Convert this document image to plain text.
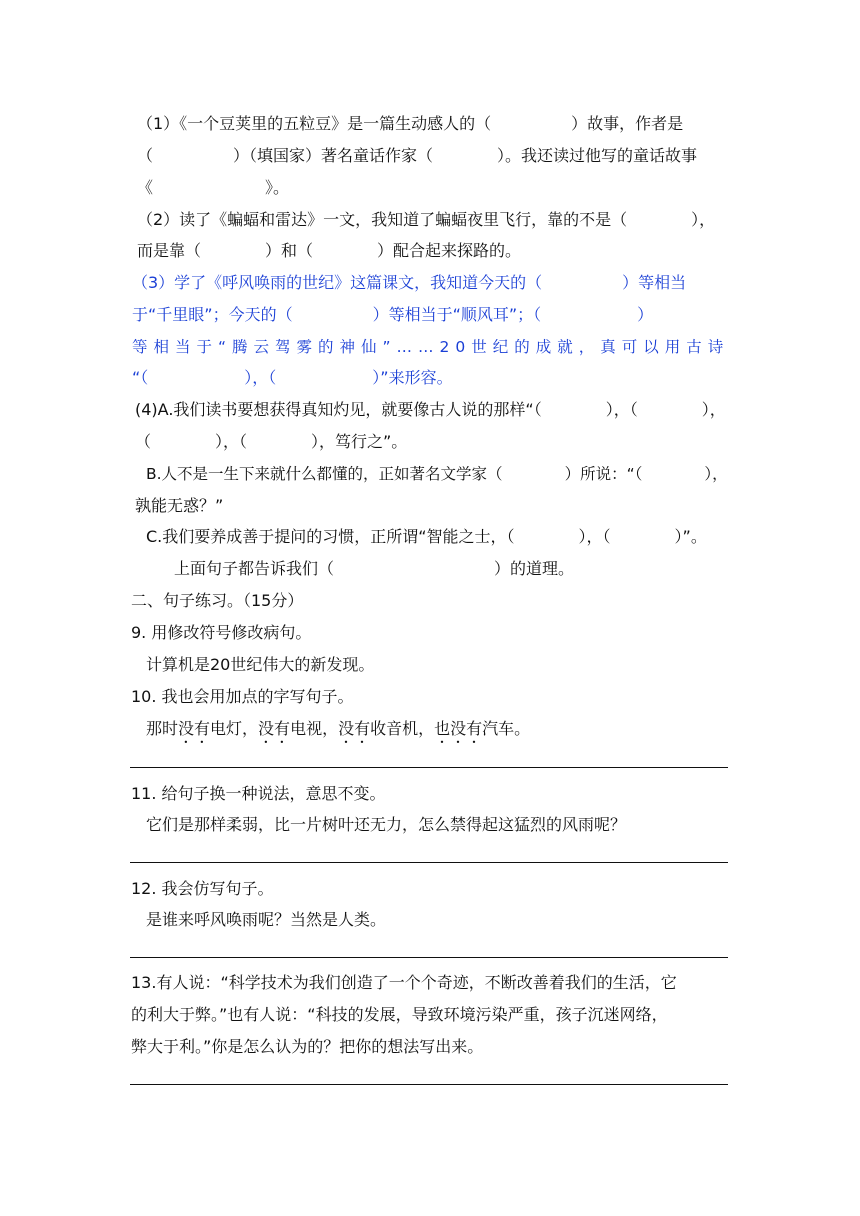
（1）《一个豆荚里的五粒豆》是一篇生动感人的（　　　　　）故事，作者是
（　　　　　）（填国家）著名童话作家（　　　　）。我还读过他写的童话故事
《　　　　　　　》。
（2）读了《蝙蝠和雷达》一文，我知道了蝙蝠夜里飞行，靠的不是（　　　　），
而是靠（　　　　）和（　　　　）配合起来探路的。
（3）学了《呼风唤雨的世纪》这篇课文，我知道今天的（　　　　　）等相当
于“千里眼”；今天的（　　　　　）等相当于“顺风耳”；（　　　　　　）
等相当于“腾云驾雾的神仙”……20世纪的成就，真可以用古诗
“（　　　　　　），（　　　　　　）”来形容。
(4)A.我们读书要想获得真知灼见，就要像古人说的那样“（　　　　），（　　　　），
（　　　　），（　　　　），笃行之”。
B.人不是一生下来就什么都懂的，正如著名文学家（　　　　）所说：“（　　　　），
孰能无惑？”
C.我们要养成善于提问的习惯，正所谓“智能之士，（　　　　），（　　　　）”。
上面句子都告诉我们（　　　　　　　　　　）的道理。
二、句子练习。（15分）
9. 用修改符号修改病句。
计算机是20世纪伟大的新发现。
10. 我也会用加点的字写句子。
那时没有电灯，没有电视，没有收音机，也没有汽车。
11. 给句子换一种说法，意思不变。
它们是那样柔弱，比一片树叶还无力，怎么禁得起这猛烈的风雨呢？
12. 我会仿写句子。
是谁来呼风唤雨呢？当然是人类。
13.有人说：“科学技术为我们创造了一个个奇迹，不断改善着我们的生活，它
的利大于弊。”也有人说：“科技的发展，导致环境污染严重，孩子沉迷网络，
弊大于利。”你是怎么认为的？把你的想法写出来。
